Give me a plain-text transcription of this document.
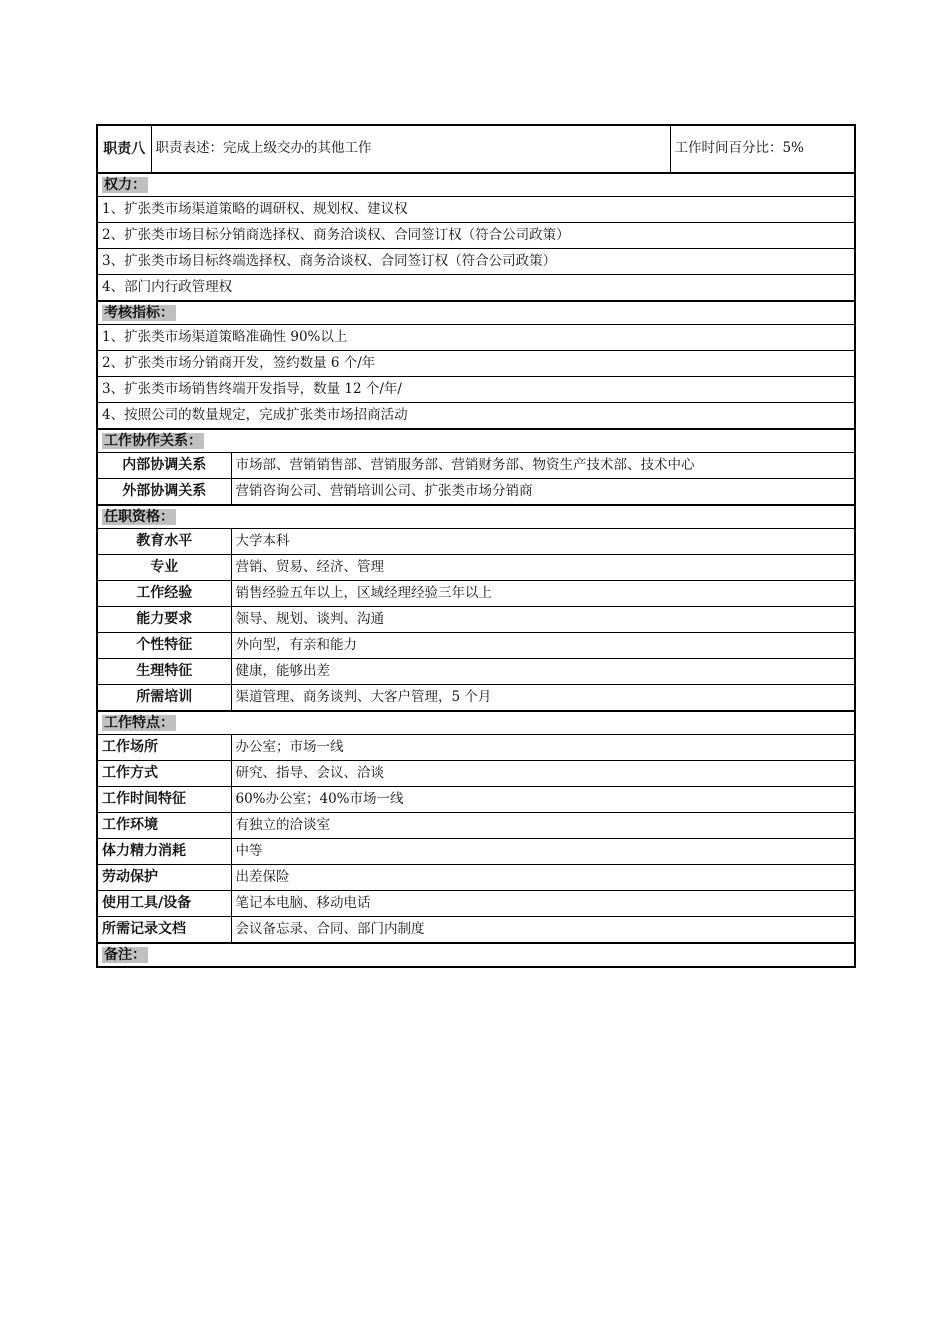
职责八	职责表述：完成上级交办的其他工作		工作时间百分比：5%
权力：			
1、扩张类市场渠道策略的调研权、规划权、建议权			
2、扩张类市场目标分销商选择权、商务洽谈权、合同签订权（符合公司政策）			
3、扩张类市场目标终端选择权、商务洽谈权、合同签订权（符合公司政策）			
4、部门内行政管理权			
考核指标：			
1、扩张类市场渠道策略准确性 90%以上			
2、扩张类市场分销商开发，签约数量 6 个/年			
3、扩张类市场销售终端开发指导，数量 12 个/年/			
4、按照公司的数量规定，完成扩张类市场招商活动			
工作协作关系：			
内部协调关系		市场部、营销销售部、营销服务部、营销财务部、物资生产技术部、技术中心	
外部协调关系		营销咨询公司、营销培训公司、扩张类市场分销商	
任职资格：			
教育水平		大学本科	
专业		营销、贸易、经济、管理	
工作经验		销售经验五年以上，区域经理经验三年以上	
能力要求		领导、规划、谈判、沟通	
个性特征		外向型，有亲和能力	
生理特征		健康，能够出差	
所需培训		渠道管理、商务谈判、大客户管理，5 个月	
工作特点：			
工作场所		办公室；市场一线	
工作方式		研究、指导、会议、洽谈	
工作时间特征		60%办公室；40%市场一线	
工作环境		有独立的洽谈室	
体力精力消耗		中等	
劳动保护		出差保险	
使用工具/设备		笔记本电脑、移动电话	
所需记录文档		会议备忘录、合同、部门内制度	
备注：			
